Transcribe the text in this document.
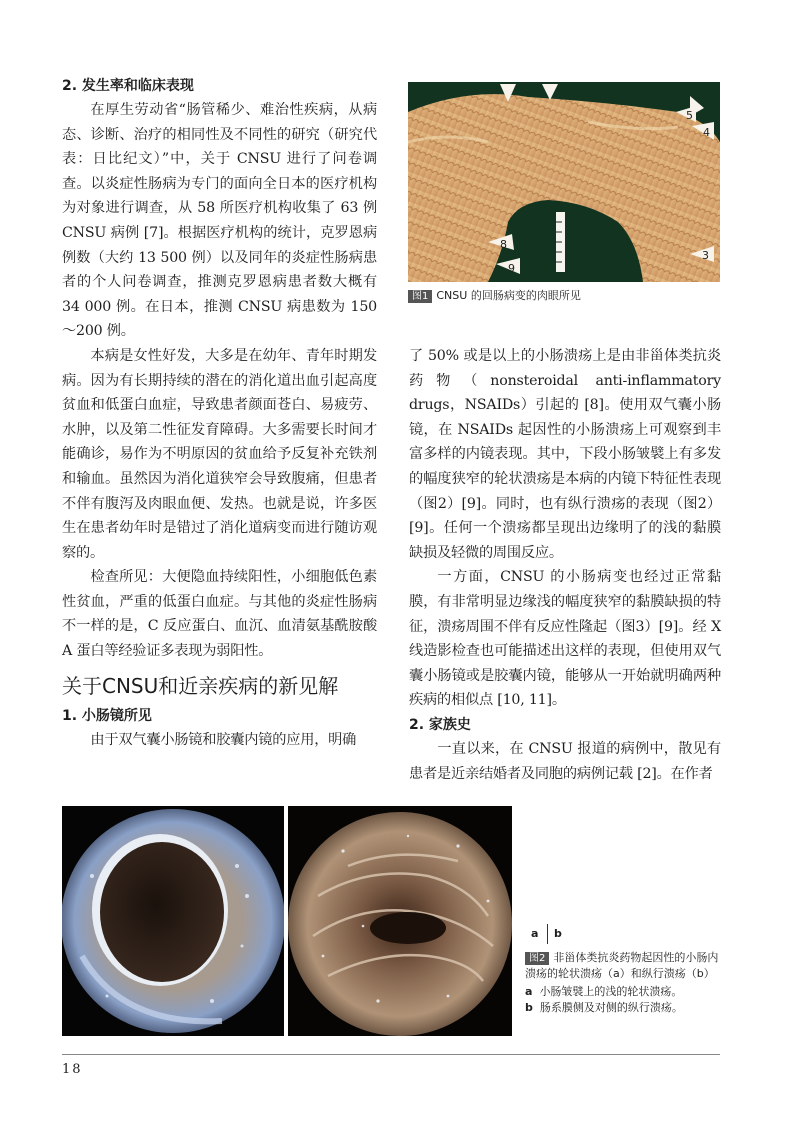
8
9
5
4
3
图1 CNSU 的回肠病变的肉眼所见
2. 发生率和临床表现

在厚生劳动省“肠管稀少、难治性疾病，从病态、诊断、治疗的相同性及不同性的研究（研究代表：日比纪文）”中，关于 CNSU 进行了问卷调查。以炎症性肠病为专门的面向全日本的医疗机构为对象进行调查，从 58 所医疗机构收集了 63 例 CNSU 病例 [7]。根据医疗机构的统计，克罗恩病例数（大约 13 500 例）以及同年的炎症性肠病患者的个人问卷调查，推测克罗恩病患者数大概有 34 000 例。在日本，推测 CNSU 病患数为 150～200 例。

本病是女性好发，大多是在幼年、青年时期发病。因为有长期持续的潜在的消化道出血引起高度贫血和低蛋白血症，导致患者颜面苍白、易疲劳、水肿，以及第二性征发育障碍。大多需要长时间才能确诊，易作为不明原因的贫血给予反复补充铁剂和输血。虽然因为消化道狭窄会导致腹痛，但患者不伴有腹泻及肉眼血便、发热。也就是说，许多医生在患者幼年时是错过了消化道病变而进行随访观察的。

检查所见：大便隐血持续阳性，小细胞低色素性贫血，严重的低蛋白血症。与其他的炎症性肠病不一样的是，C 反应蛋白、血沉、血清氨基酰胺酸 A 蛋白等经验证多表现为弱阳性。

关于CNSU和近亲疾病的新见解
1. 小肠镜所见

由于双气囊小肠镜和胶囊内镜的应用，明确

了 50% 或是以上的小肠溃疡上是由非甾体类抗炎药物（nonsteroidal anti-inflammatory drugs，NSAIDs）引起的 [8]。使用双气囊小肠镜，在 NSAIDs 起因性的小肠溃疡上可观察到丰富多样的内镜表现。其中，下段小肠皱襞上有多发的幅度狭窄的轮状溃疡是本病的内镜下特征性表现（图2）[9]。同时，也有纵行溃疡的表现（图2）[9]。任何一个溃疡都呈现出边缘明了的浅的黏膜缺损及轻微的周围反应。

一方面，CNSU 的小肠病变也经过正常黏膜，有非常明显边缘浅的幅度狭窄的黏膜缺损的特征，溃疡周围不伴有反应性隆起（图3）[9]。经 X 线造影检查也可能描述出这样的表现，但使用双气囊小肠镜或是胶囊内镜，能够从一开始就明确两种疾病的相似点 [10, 11]。

2. 家族史

一直以来，在 CNSU 报道的病例中，散见有患者是近亲结婚者及同胞的病例记载 [2]。在作者

a b
图2 非甾体类抗炎药物起因性的小肠内溃疡的轮状溃疡（a）和纵行溃疡（b）
a 小肠皱襞上的浅的轮状溃疡。
b 肠系膜侧及对侧的纵行溃疡。
18
